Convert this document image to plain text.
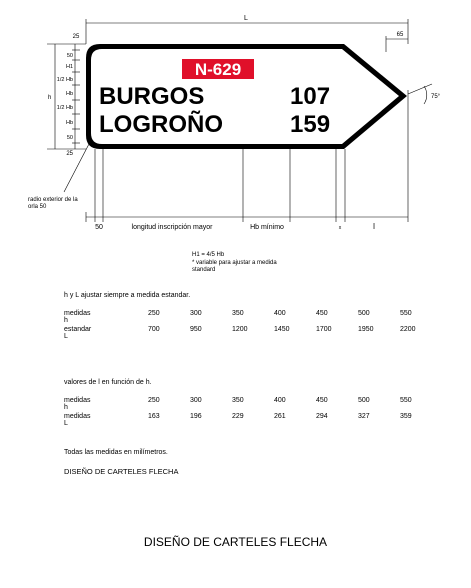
N-629
BURGOS	107
LOGROÑO	159
L
65
25
h
50
H1
1/2 Hb
Hb
1/2 Hb
Hb
50
25
75°
50	longitud inscripción mayor	Hb mínimo	x	l
radio exterior de la orla 50
H1 = 4/5 Hb
* variable para ajustar a medida standard
h y L ajustar siempre a medida estandar.
medidas h
250	300	350	400	450	500	550
estandar L
700	950	1200	1450	1700	1950	2200
valores de l en función de h.
medidas h
250	300	350	400	450	500	550
medidas L
163	196	229	261	294	327	359
Todas las medidas en milímetros.
DISEÑO DE CARTELES FLECHA
DISEÑO DE CARTELES FLECHA
